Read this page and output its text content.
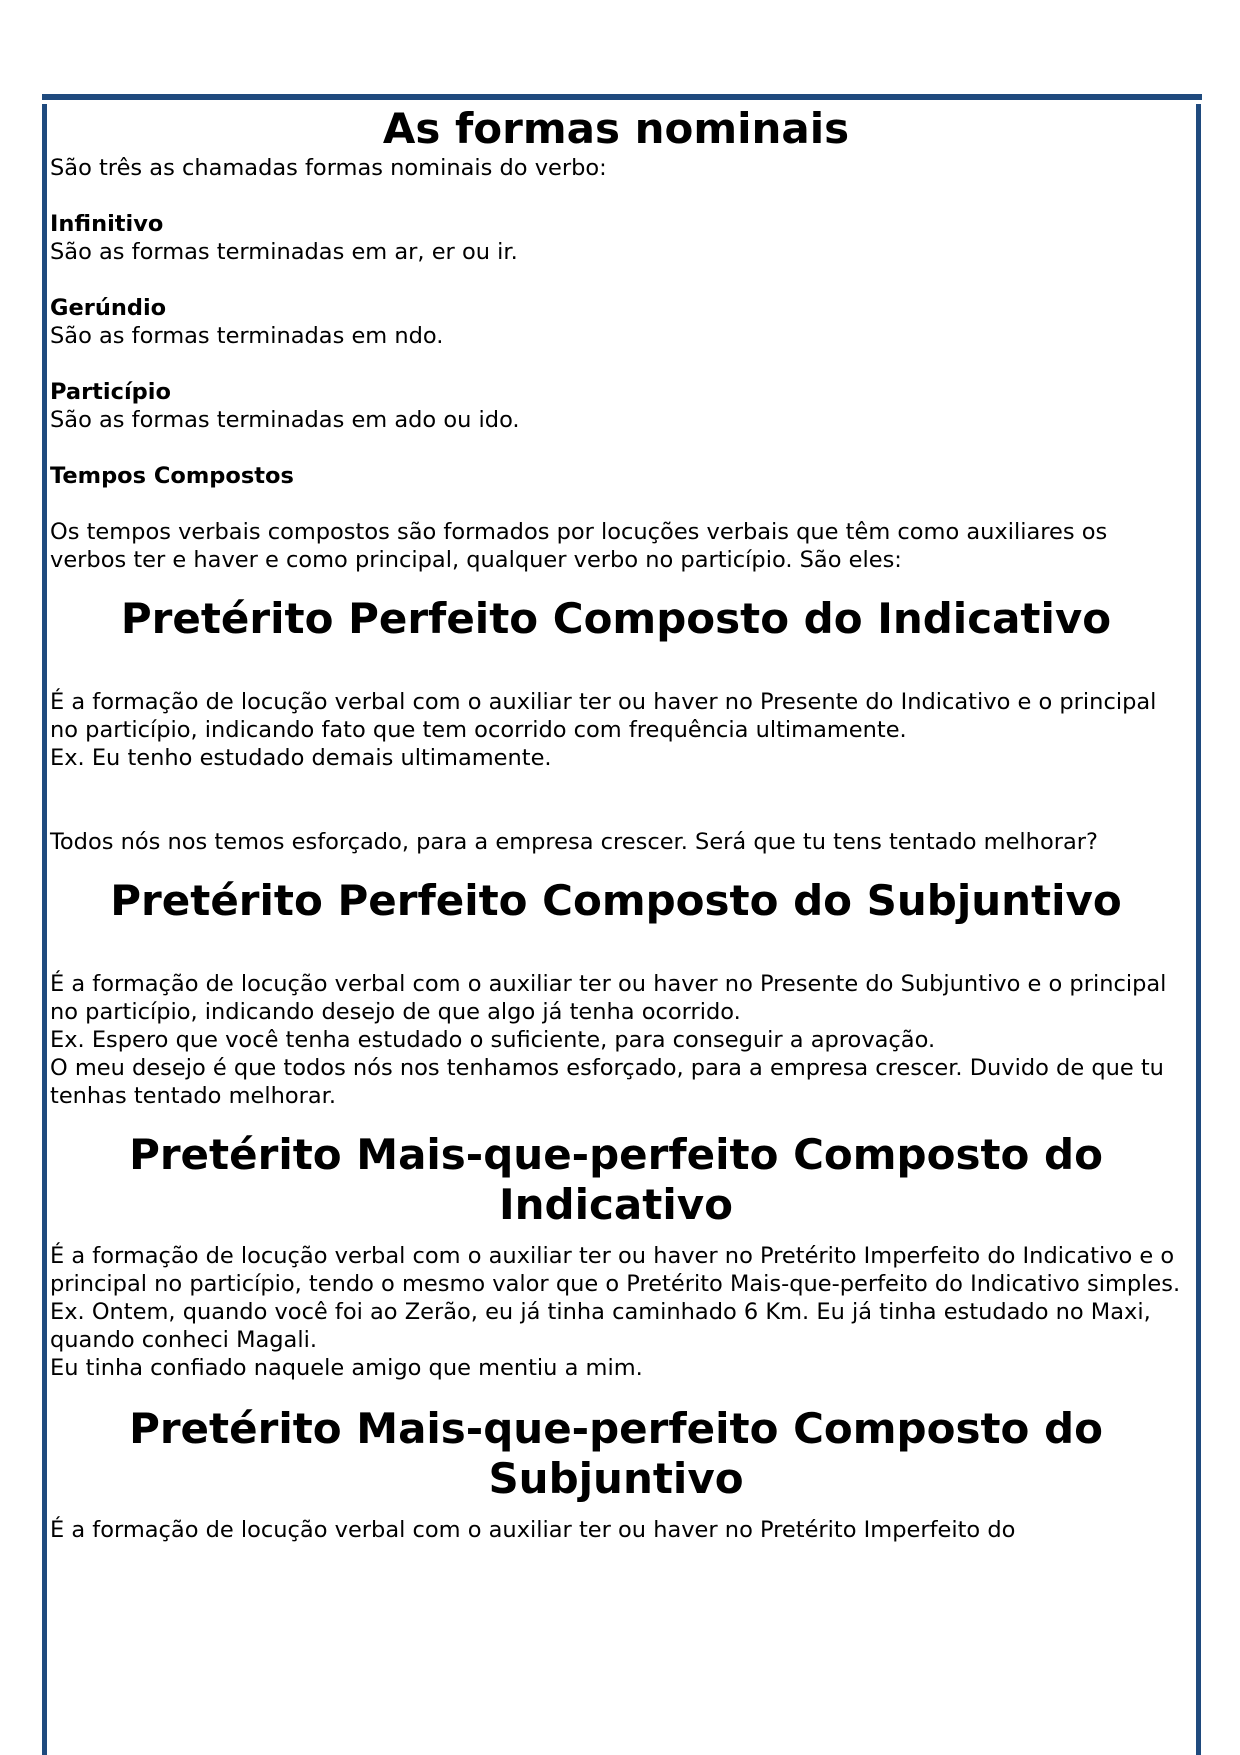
As formas nominais

São três as chamadas formas nominais do verbo:

Infinitivo

São as formas terminadas em ar, er ou ir.

Gerúndio

São as formas terminadas em ndo.

Particípio

São as formas terminadas em ado ou ido.

Tempos Compostos

Os tempos verbais compostos são formados por locuções verbais que têm como auxiliares os verbos ter e haver e como principal, qualquer verbo no particípio. São eles:

Pretérito Perfeito Composto do Indicativo

É a formação de locução verbal com o auxiliar ter ou haver no Presente do Indicativo e o principal no particípio, indicando fato que tem ocorrido com frequência ultimamente.

Ex. Eu tenho estudado demais ultimamente.

Todos nós nos temos esforçado, para a empresa crescer. Será que tu tens tentado melhorar?

Pretérito Perfeito Composto do Subjuntivo

É a formação de locução verbal com o auxiliar ter ou haver no Presente do Subjuntivo e o principal no particípio, indicando desejo de que algo já tenha ocorrido.

Ex. Espero que você tenha estudado o suficiente, para conseguir a aprovação.

O meu desejo é que todos nós nos tenhamos esforçado, para a empresa crescer. Duvido de que tu tenhas tentado melhorar.

Pretérito Mais-que-perfeito Composto do Indicativo

É a formação de locução verbal com o auxiliar ter ou haver no Pretérito Imperfeito do Indicativo e o principal no particípio, tendo o mesmo valor que o Pretérito Mais-que-perfeito do Indicativo simples.

Ex. Ontem, quando você foi ao Zerão, eu já tinha caminhado 6 Km. Eu já tinha estudado no Maxi, quando conheci Magali.

Eu tinha confiado naquele amigo que mentiu a mim.

Pretérito Mais-que-perfeito Composto do Subjuntivo

É a formação de locução verbal com o auxiliar ter ou haver no Pretérito Imperfeito do
